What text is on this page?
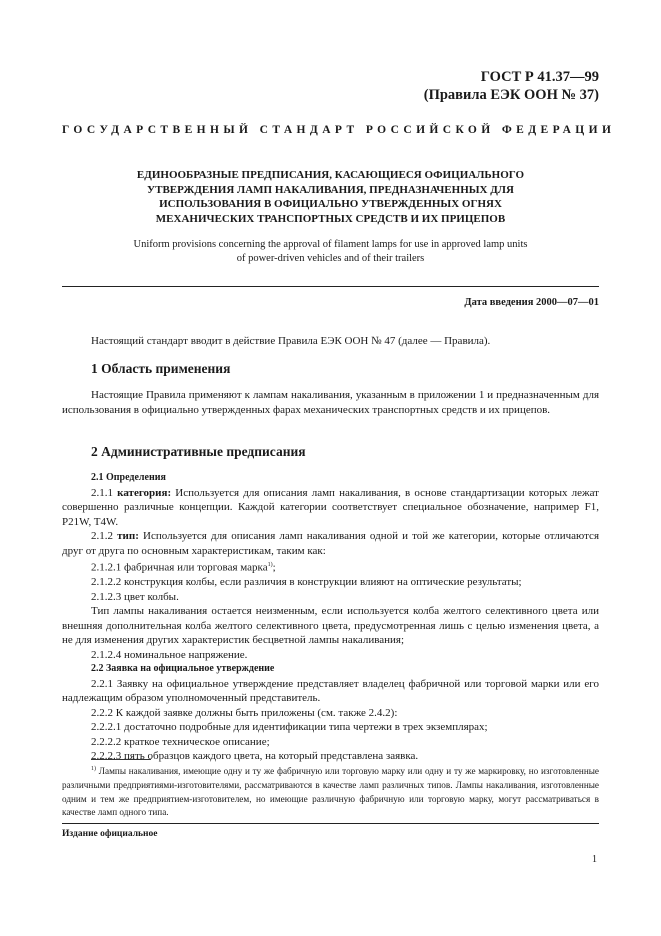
ГОСТ Р 41.37—99
(Правила ЕЭК ООН № 37)
ГОСУДАРСТВЕННЫЙ СТАНДАРТ РОССИЙСКОЙ ФЕДЕРАЦИИ
ЕДИНООБРАЗНЫЕ ПРЕДПИСАНИЯ, КАСАЮЩИЕСЯ ОФИЦИАЛЬНОГО
УТВЕРЖДЕНИЯ ЛАМП НАКАЛИВАНИЯ, ПРЕДНАЗНАЧЕННЫХ ДЛЯ
ИСПОЛЬЗОВАНИЯ В ОФИЦИАЛЬНО УТВЕРЖДЕННЫХ ОГНЯХ
МЕХАНИЧЕСКИХ ТРАНСПОРТНЫХ СРЕДСТВ И ИХ ПРИЦЕПОВ
Uniform provisions concerning the approval of filament lamps for use in approved lamp units
of power-driven vehicles and of their trailers
Дата введения 2000—07—01
Настоящий стандарт вводит в действие Правила ЕЭК ООН № 47 (далее — Правила).
1 Область применения
Настоящие Правила применяют к лампам накаливания, указанным в приложении 1 и предназначенным для использования в официально утвержденных фарах механических транспортных средств и их прицепов.
2 Административные предписания

2.1 Определения

2.1.1 категория: Используется для описания ламп накаливания, в основе стандартизации которых лежат совершенно различные концепции. Каждой категории соответствует специальное обозначение, например F1, P21W, T4W.

2.1.2 тип: Используется для описания ламп накаливания одной и той же категории, которые отличаются друг от друга по основным характеристикам, таким как:

2.1.2.1 фабричная или торговая марка$^{1)}$;

2.1.2.2 конструкция колбы, если различия в конструкции влияют на оптические результаты;

2.1.2.3 цвет колбы.

Тип лампы накаливания остается неизменным, если используется колба желтого селективного цвета или внешняя дополнительная колба желтого селективного цвета, предусмотренная лишь с целью изменения цвета, а не для изменения других характеристик бесцветной лампы накаливания;

2.1.2.4 номинальное напряжение.

2.2 Заявка на официальное утверждение

2.2.1 Заявку на официальное утверждение представляет владелец фабричной или торговой марки или его надлежащим образом уполномоченный представитель.

2.2.2 К каждой заявке должны быть приложены (см. также 2.4.2):

2.2.2.1 достаточно подробные для идентификации типа чертежи в трех экземплярах;

2.2.2.2 краткое техническое описание;

2.2.2.3 пять образцов каждого цвета, на который представлена заявка.

$^{1)}$ Лампы накаливания, имеющие одну и ту же фабричную или торговую марку или одну и ту же маркировку, но изготовленные различными предприятиями-изготовителями, рассматриваются в качестве ламп различных типов. Лампы накаливания, изготовленные одним и тем же предприятием-изготовителем, но имеющие различную фабричную или торговую марку, могут рассматриваться в качестве ламп одного типа.
Издание официальное
1
